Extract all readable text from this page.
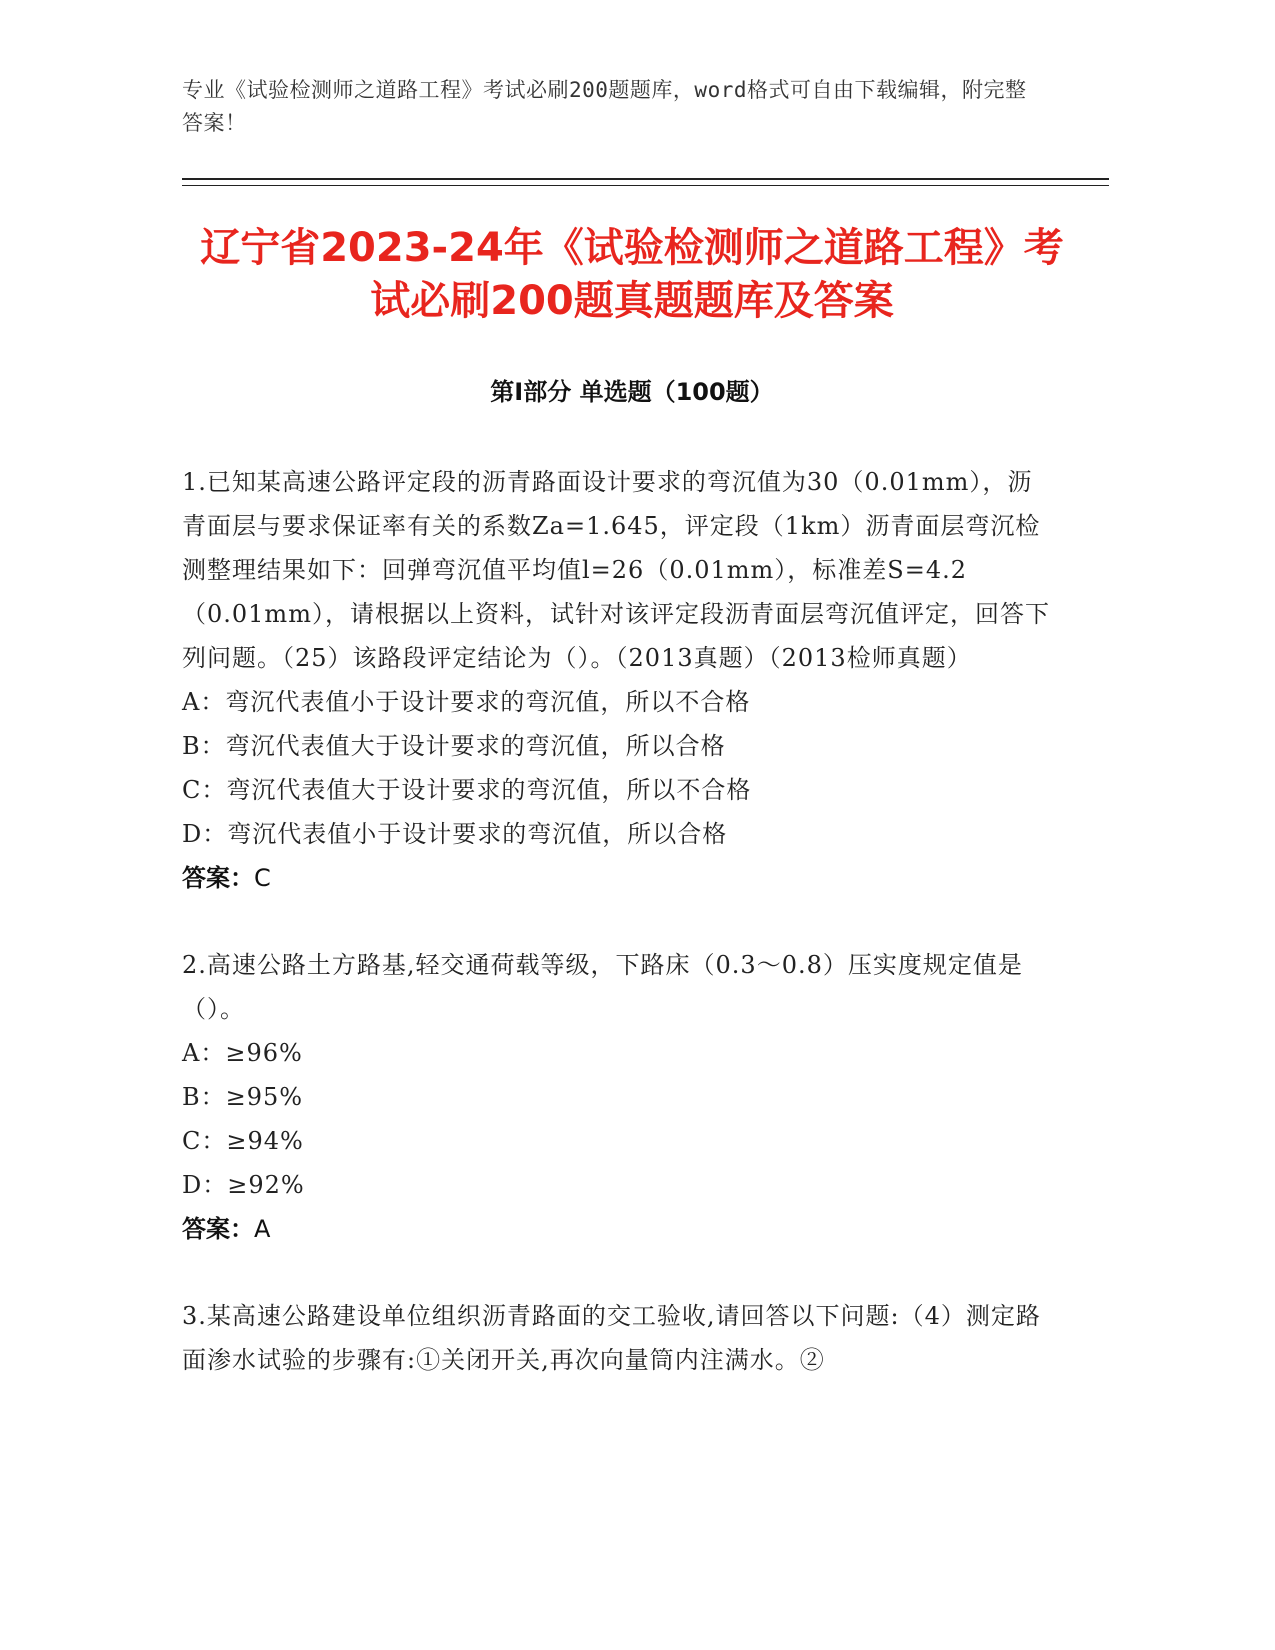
专业《试验检测师之道路工程》考试必刷200题题库，word格式可自由下载编辑，附完整答案！
辽宁省2023-24年《试验检测师之道路工程》考试必刷200题真题题库及答案
第Ⅰ部分 单选题（100题）

1.已知某高速公路评定段的沥青路面设计要求的弯沉值为30（0.01mm），沥青面层与要求保证率有关的系数Za=1.645，评定段（1km）沥青面层弯沉检测整理结果如下：回弹弯沉值平均值l=26（0.01mm），标准差S=4.2（0.01mm），请根据以上资料，试针对该评定段沥青面层弯沉值评定，回答下列问题。（25）该路段评定结论为（）。（2013真题）（2013检师真题）

A：弯沉代表值小于设计要求的弯沉值，所以不合格

B：弯沉代表值大于设计要求的弯沉值，所以合格

C：弯沉代表值大于设计要求的弯沉值，所以不合格

D：弯沉代表值小于设计要求的弯沉值，所以合格

答案：C

2.高速公路土方路基,轻交通荷载等级，下路床（0.3～0.8）压实度规定值是（）。

A：≥96%

B：≥95%

C：≥94%

D：≥92%

答案：A

3.某高速公路建设单位组织沥青路面的交工验收,请回答以下问题:（4）测定路面渗水试验的步骤有:①关闭开关,再次向量筒内注满水。②
